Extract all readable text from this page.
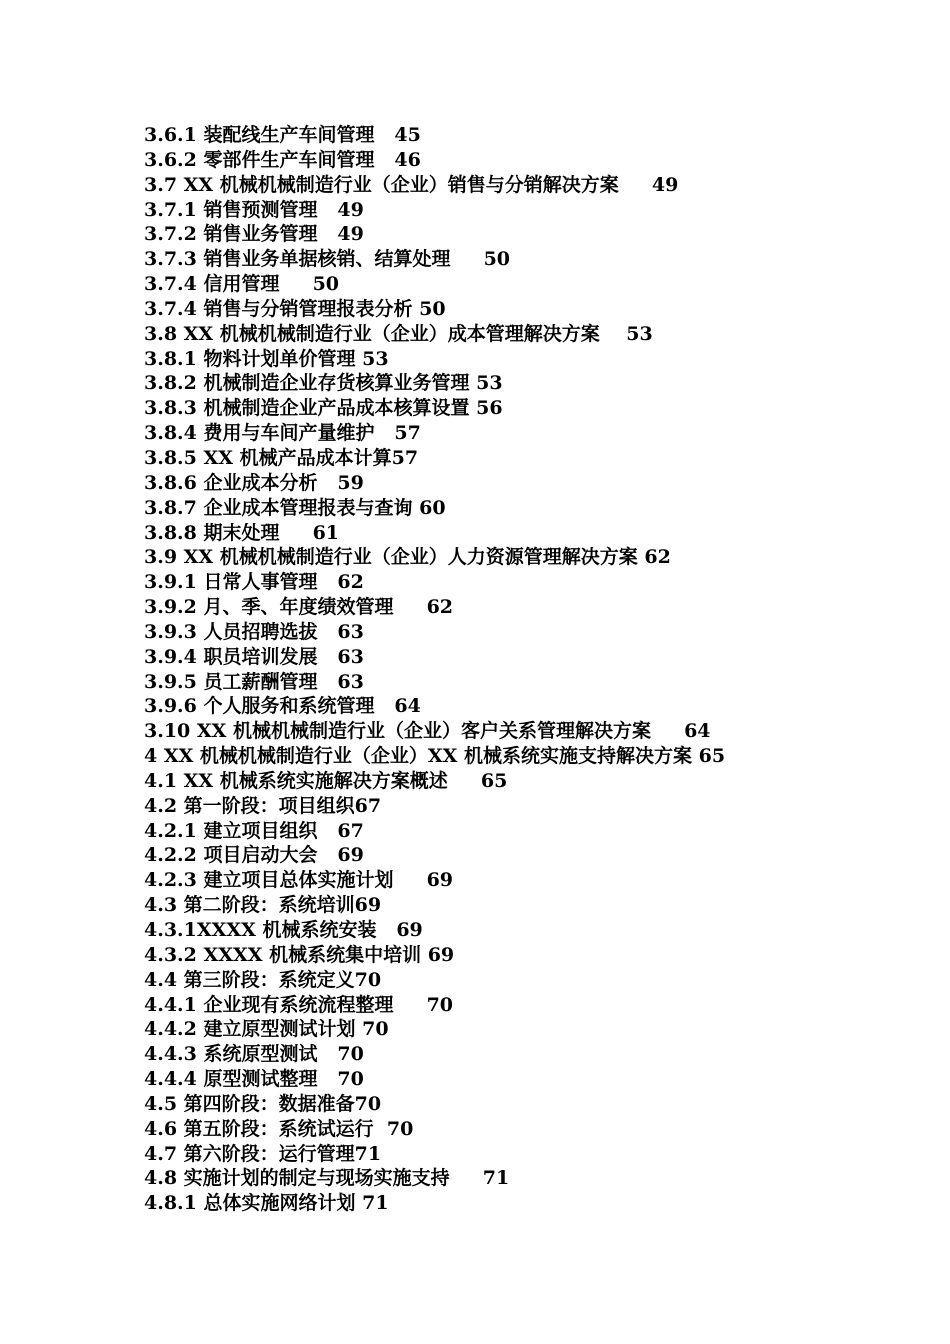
3.6.1 装配线生产车间管理   45
3.6.2 零部件生产车间管理   46
3.7 XX 机械机械制造行业（企业）销售与分销解决方案     49
3.7.1 销售预测管理   49
3.7.2 销售业务管理   49
3.7.3 销售业务单据核销、结算处理     50
3.7.4 信用管理     50
3.7.4 销售与分销管理报表分析 50
3.8 XX 机械机械制造行业（企业）成本管理解决方案    53
3.8.1 物料计划单价管理 53
3.8.2 机械制造企业存货核算业务管理 53
3.8.3 机械制造企业产品成本核算设置 56
3.8.4 费用与车间产量维护   57
3.8.5 XX 机械产品成本计算57
3.8.6 企业成本分析   59
3.8.7 企业成本管理报表与查询 60
3.8.8 期末处理     61
3.9 XX 机械机械制造行业（企业）人力资源管理解决方案 62
3.9.1 日常人事管理   62
3.9.2 月、季、年度绩效管理     62
3.9.3 人员招聘选拔   63
3.9.4 职员培训发展   63
3.9.5 员工薪酬管理   63
3.9.6 个人服务和系统管理   64
3.10 XX 机械机械制造行业（企业）客户关系管理解决方案     64
4 XX 机械机械制造行业（企业）XX 机械系统实施支持解决方案 65
4.1 XX 机械系统实施解决方案概述     65
4.2 第一阶段：项目组织67
4.2.1 建立项目组织   67
4.2.2 项目启动大会   69
4.2.3 建立项目总体实施计划     69
4.3 第二阶段：系统培训69
4.3.1XXXX 机械系统安装   69
4.3.2 XXXX 机械系统集中培训 69
4.4 第三阶段：系统定义70
4.4.1 企业现有系统流程整理     70
4.4.2 建立原型测试计划 70
4.4.3 系统原型测试   70
4.4.4 原型测试整理   70
4.5 第四阶段：数据准备70
4.6 第五阶段：系统试运行  70
4.7 第六阶段：运行管理71
4.8 实施计划的制定与现场实施支持     71
4.8.1 总体实施网络计划 71
